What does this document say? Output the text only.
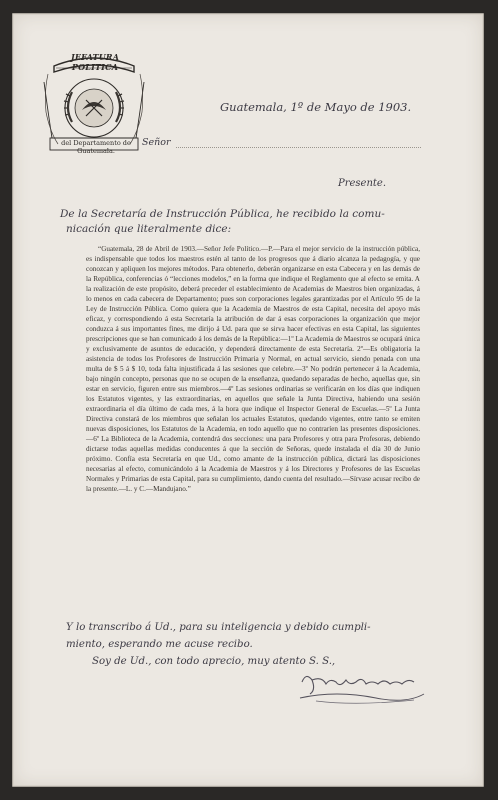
JEFATURA POLITICA
del Departamento de Guatemala.
Guatemala, 1º de Mayo de 1903.
Señor
Presente.
De la Secretaría de Instrucción Pública, he recibido la comu-
nicación que literalmente dice:
“Guatemala, 28 de Abril de 1903.—Señor Jefe Político.—P.—Para el mejor servicio de la instrucción pública, es indispensable que todos los maestros estén al tanto de los progresos que á diario alcanza la pedagogía, y que conozcan y apliquen los mejores métodos. Para obtenerlo, deberán organizarse en esta Cabecera y en las demás de la República, conferencias ó “lecciones modelos,” en la forma que indique el Reglamento que al efecto se emita. A la realización de este propósito, deberá preceder el establecimiento de Academias de Maestros bien organizadas, á lo menos en cada cabecera de Departamento; pues son corporaciones legales garantizadas por el Artículo 95 de la Ley de Instrucción Pública. Como quiera que la Academia de Maestros de esta Capital, necesita del apoyo más eficaz, y correspondiendo á esta Secretaría la atribución de dar á esas corporaciones la organización que mejor conduzca á sus importantes fines, me dirijo á Ud. para que se sirva hacer efectivas en esta Capital, las siguientes prescripciones que se han comunicado á los demás de la República:—1º La Academia de Maestros se ocupará única y exclusivamente de asuntos de educación, y dependerá directamente de esta Secretaría. 2º—Es obligatoria la asistencia de todos los Profesores de Instrucción Primaria y Normal, en actual servicio, siendo penada con una multa de $ 5 á $ 10, toda falta injustificada á las sesiones que celebre.—3º No podrán pertenecer á la Academia, bajo ningún concepto, personas que no se ocupen de la enseñanza, quedando separadas de hecho, aquellas que, sin estar en servicio, figuren entre sus miembros.—4º Las sesiones ordinarias se verificarán en los días que indiquen los Estatutos vigentes, y las extraordinarias, en aquellos que señale la Junta Directiva, habiendo una sesión extraordinaria el día último de cada mes, á la hora que indique el Inspector General de Escuelas.—5º La Junta Directiva constará de los miembros que señalan los actuales Estatutos, quedando vigentes, entre tanto se emiten nuevas disposiciones, los Estatutos de la Academia, en todo aquello que no contraríen las presentes disposiciones.—6º La Biblioteca de la Academia, contendrá dos secciones: una para Profesores y otra para Profesoras, debiendo dictarse todas aquellas medidas conducentes á que la sección de Señoras, quede instalada el día 30 de Junio próximo. Confía esta Secretaría en que Ud., como amante de la instrucción pública, dictará las disposiciones necesarias al efecto, comunicándolo á la Academia de Maestros y á los Directores y Profesores de las Escuelas Normales y Primarias de esta Capital, para su cumplimiento, dando cuenta del resultado.—Sírvase acusar recibo de la presente.—L. y C.—Mandujano.”
Y lo transcribo á Ud., para su inteligencia y debido cumpli-
miento, esperando me acuse recibo.
Soy de Ud., con todo aprecio, muy atento S. S.,
